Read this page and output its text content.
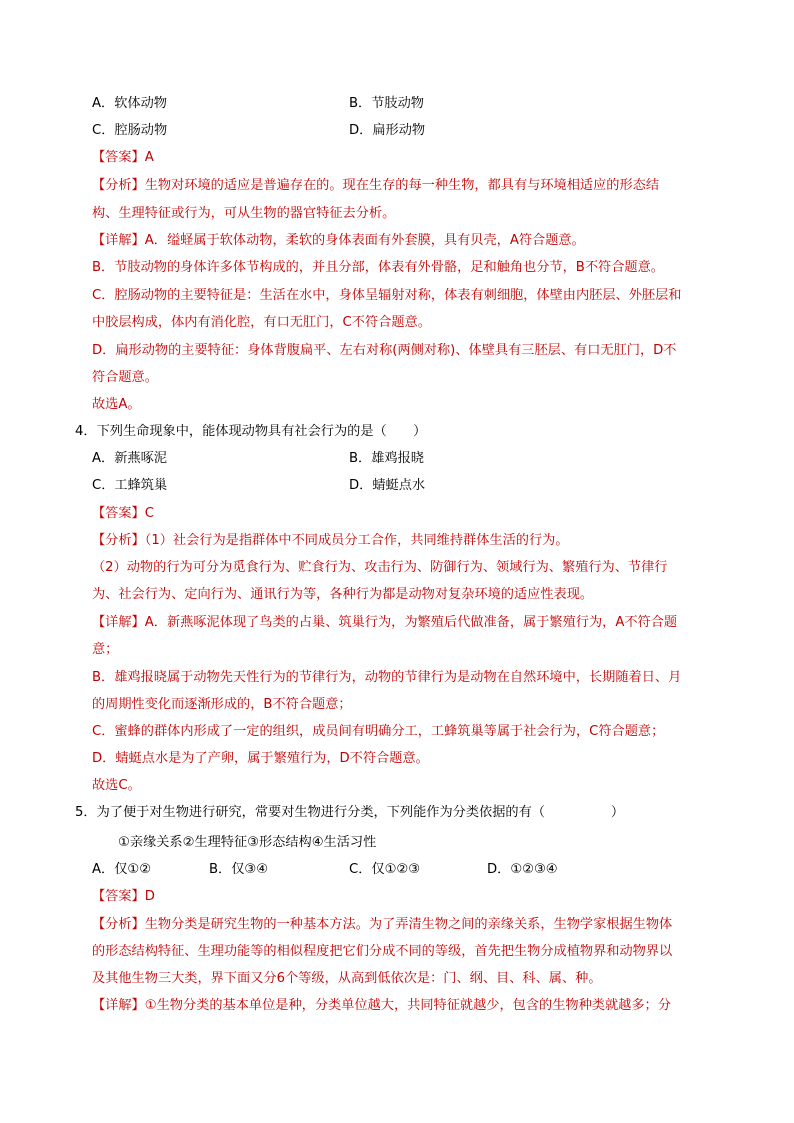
A．软体动物	B．节肢动物
C．腔肠动物	D．扁形动物
【答案】A
【分析】生物对环境的适应是普遍存在的。现在生存的每一种生物，都具有与环境相适应的形态结
构、生理特征或行为，可从生物的器官特征去分析。
【详解】A．缢蛏属于软体动物，柔软的身体表面有外套膜，具有贝壳，A符合题意。
B．节肢动物的身体许多体节构成的，并且分部，体表有外骨骼，足和触角也分节，B不符合题意。
C．腔肠动物的主要特征是：生活在水中，身体呈辐射对称，体表有刺细胞，体壁由内胚层、外胚层和
中胶层构成，体内有消化腔，有口无肛门，C不符合题意。
D．扁形动物的主要特征：身体背腹扁平、左右对称(两侧对称)、体壁具有三胚层、有口无肛门，D不
符合题意。
故选A。
4．下列生命现象中，能体现动物具有社会行为的是（　　）
A．新燕啄泥	B．雄鸡报晓
C．工蜂筑巢	D．蜻蜓点水
【答案】C
【分析】（1）社会行为是指群体中不同成员分工合作，共同维持群体生活的行为。
（2）动物的行为可分为觅食行为、贮食行为、攻击行为、防御行为、领域行为、繁殖行为、节律行
为、社会行为、定向行为、通讯行为等，各种行为都是动物对复杂环境的适应性表现。
【详解】A．新燕啄泥体现了鸟类的占巢、筑巢行为，为繁殖后代做准备，属于繁殖行为，A不符合题
意；
B．雄鸡报晓属于动物先天性行为的节律行为，动物的节律行为是动物在自然环境中，长期随着日、月
的周期性变化而逐渐形成的，B不符合题意；
C．蜜蜂的群体内形成了一定的组织，成员间有明确分工，工蜂筑巢等属于社会行为，C符合题意；
D．蜻蜓点水是为了产卵，属于繁殖行为，D不符合题意。
故选C。
5．为了便于对生物进行研究，常要对生物进行分类，下列能作为分类依据的有（　　　　　）
①亲缘关系②生理特征③形态结构④生活习性
A．仅①②	B．仅③④	C．仅①②③	D．①②③④
【答案】D
【分析】生物分类是研究生物的一种基本方法。为了弄清生物之间的亲缘关系，生物学家根据生物体
的形态结构特征、生理功能等的相似程度把它们分成不同的等级，首先把生物分成植物界和动物界以
及其他生物三大类，界下面又分6个等级，从高到低依次是：门、纲、目、科、属、种。
【详解】①生物分类的基本单位是种，分类单位越大，共同特征就越少，包含的生物种类就越多；分
